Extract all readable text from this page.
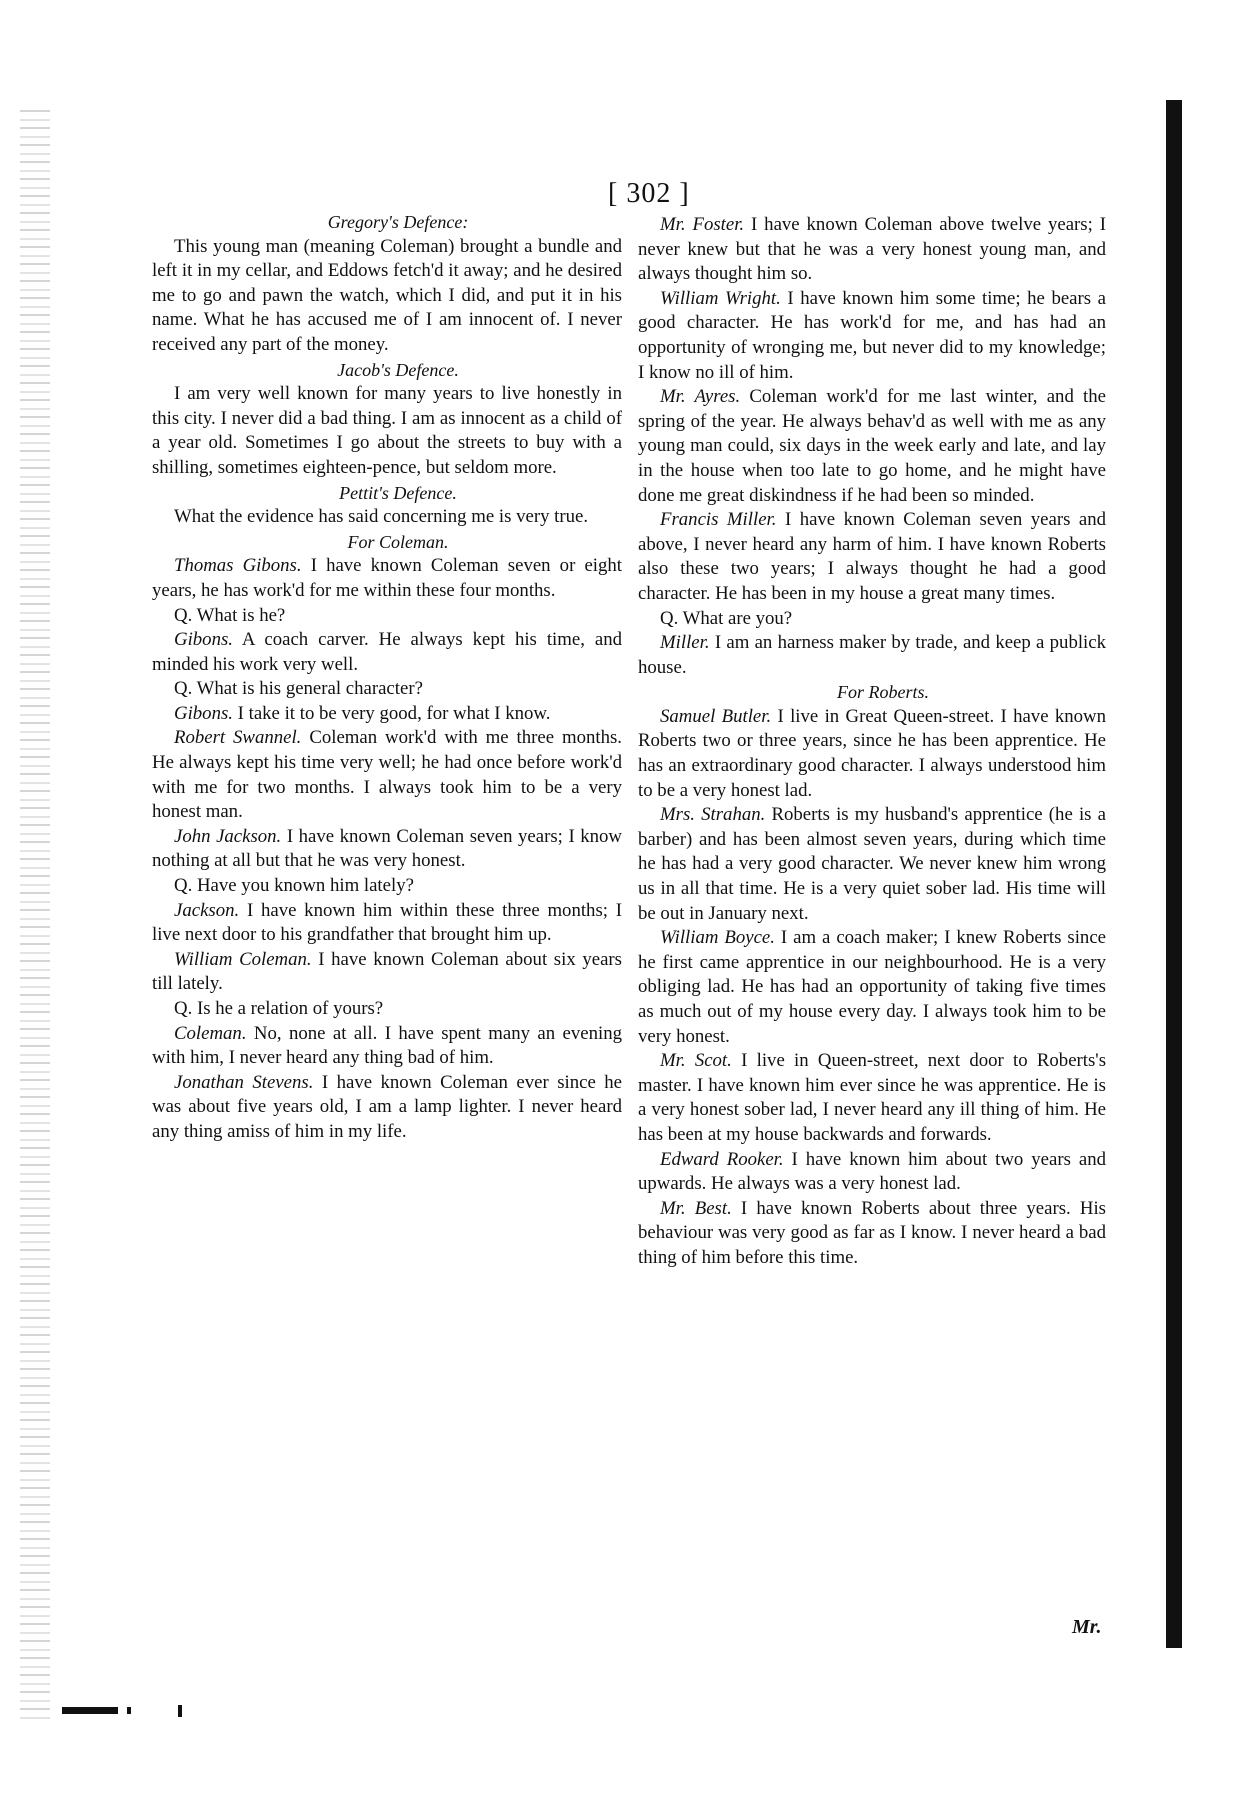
[ 302 ]

Gregory's Defence:

This young man (meaning Coleman) brought a bundle and left it in my cellar, and Eddows fetch'd it away; and he desired me to go and pawn the watch, which I did, and put it in his name. What he has accused me of I am innocent of. I never received any part of the money.

Jacob's Defence.

I am very well known for many years to live honestly in this city. I never did a bad thing. I am as innocent as a child of a year old. Sometimes I go about the streets to buy with a shilling, sometimes eighteen-pence, but seldom more.

Pettit's Defence.

What the evidence has said concerning me is very true.

For Coleman.

Thomas Gibons. I have known Coleman seven or eight years, he has work'd for me within these four months.

Q. What is he?

Gibons. A coach carver. He always kept his time, and minded his work very well.

Q. What is his general character?

Gibons. I take it to be very good, for what I know.

Robert Swannel. Coleman work'd with me three months. He always kept his time very well; he had once before work'd with me for two months. I always took him to be a very honest man.

John Jackson. I have known Coleman seven years; I know nothing at all but that he was very honest.

Q. Have you known him lately?

Jackson. I have known him within these three months; I live next door to his grandfather that brought him up.

William Coleman. I have known Coleman about six years till lately.

Q. Is he a relation of yours?

Coleman. No, none at all. I have spent many an evening with him, I never heard any thing bad of him.

Jonathan Stevens. I have known Coleman ever since he was about five years old, I am a lamp lighter. I never heard any thing amiss of him in my life.

Mr. Foster. I have known Coleman above twelve years; I never knew but that he was a very honest young man, and always thought him so.

William Wright. I have known him some time; he bears a good character. He has work'd for me, and has had an opportunity of wronging me, but never did to my knowledge; I know no ill of him.

Mr. Ayres. Coleman work'd for me last winter, and the spring of the year. He always behav'd as well with me as any young man could, six days in the week early and late, and lay in the house when too late to go home, and he might have done me great diskindness if he had been so minded.

Francis Miller. I have known Coleman seven years and above, I never heard any harm of him. I have known Roberts also these two years; I always thought he had a good character. He has been in my house a great many times.

Q. What are you?

Miller. I am an harness maker by trade, and keep a publick house.

For Roberts.

Samuel Butler. I live in Great Queen-street. I have known Roberts two or three years, since he has been apprentice. He has an extraordinary good character. I always understood him to be a very honest lad.

Mrs. Strahan. Roberts is my husband's apprentice (he is a barber) and has been almost seven years, during which time he has had a very good character. We never knew him wrong us in all that time. He is a very quiet sober lad. His time will be out in January next.

William Boyce. I am a coach maker; I knew Roberts since he first came apprentice in our neighbourhood. He is a very obliging lad. He has had an opportunity of taking five times as much out of my house every day. I always took him to be very honest.

Mr. Scot. I live in Queen-street, next door to Roberts's master. I have known him ever since he was apprentice. He is a very honest sober lad, I never heard any ill thing of him. He has been at my house backwards and forwards.

Edward Rooker. I have known him about two years and upwards. He always was a very honest lad.

Mr. Best. I have known Roberts about three years. His behaviour was very good as far as I know. I never heard a bad thing of him before this time.

Mr.
